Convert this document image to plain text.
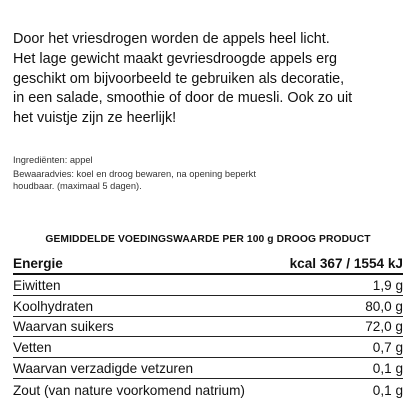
Door het vriesdrogen worden de appels heel licht.
Het lage gewicht maakt gevriesdroogde appels erg
geschikt om bijvoorbeeld te gebruiken als decoratie,
in een salade, smoothie of door de muesli. Ook zo uit
het vuistje zijn ze heerlijk!
Ingrediënten: appel
Bewaaradvies: koel en droog bewaren, na opening beperkt
houdbaar. (maximaal 5 dagen).
GEMIDDELDE VOEDINGSWAARDE PER 100 g DROOG PRODUCT
Energie	kcal 367 / 1554 kJ
Eiwitten	1,9 g
Koolhydraten	80,0 g
Waarvan suikers	72,0 g
Vetten	0,7 g
Waarvan verzadigde vetzuren	0,1 g
Zout (van nature voorkomend natrium)	0,1 g
